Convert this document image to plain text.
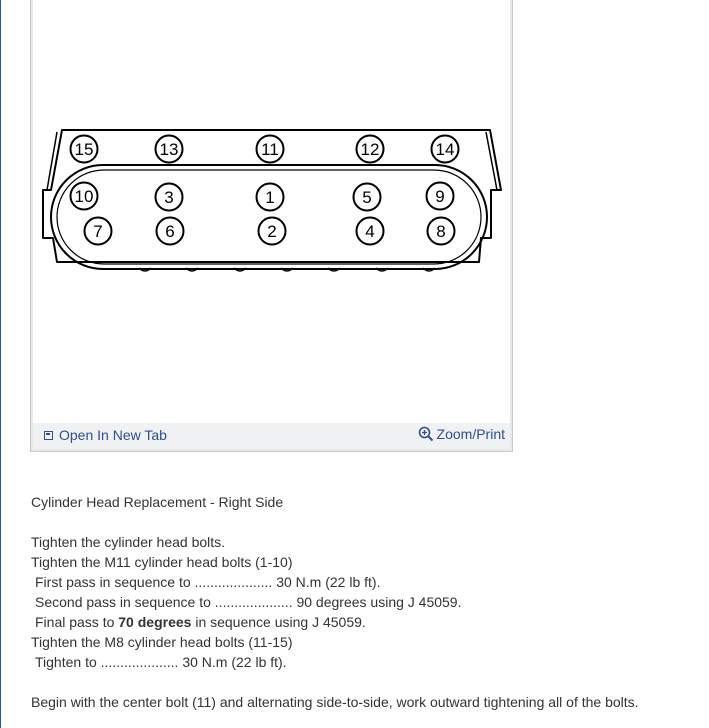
15	13	11	12	14
10	3	1	5	9
7	6	2	4	8
Open In New Tab	Zoom/Print

Cylinder Head Replacement - Right Side

Tighten the cylinder head bolts.

Tighten the M11 cylinder head bolts (1-10)

First pass in sequence to .................... 30 N.m (22 lb ft).

Second pass in sequence to .................... 90 degrees using J 45059.

Final pass to 70 degrees in sequence using J 45059.

Tighten the M8 cylinder head bolts (11-15)

Tighten to .................... 30 N.m (22 lb ft).

Begin with the center bolt (11) and alternating side-to-side, work outward tightening all of the bolts.
